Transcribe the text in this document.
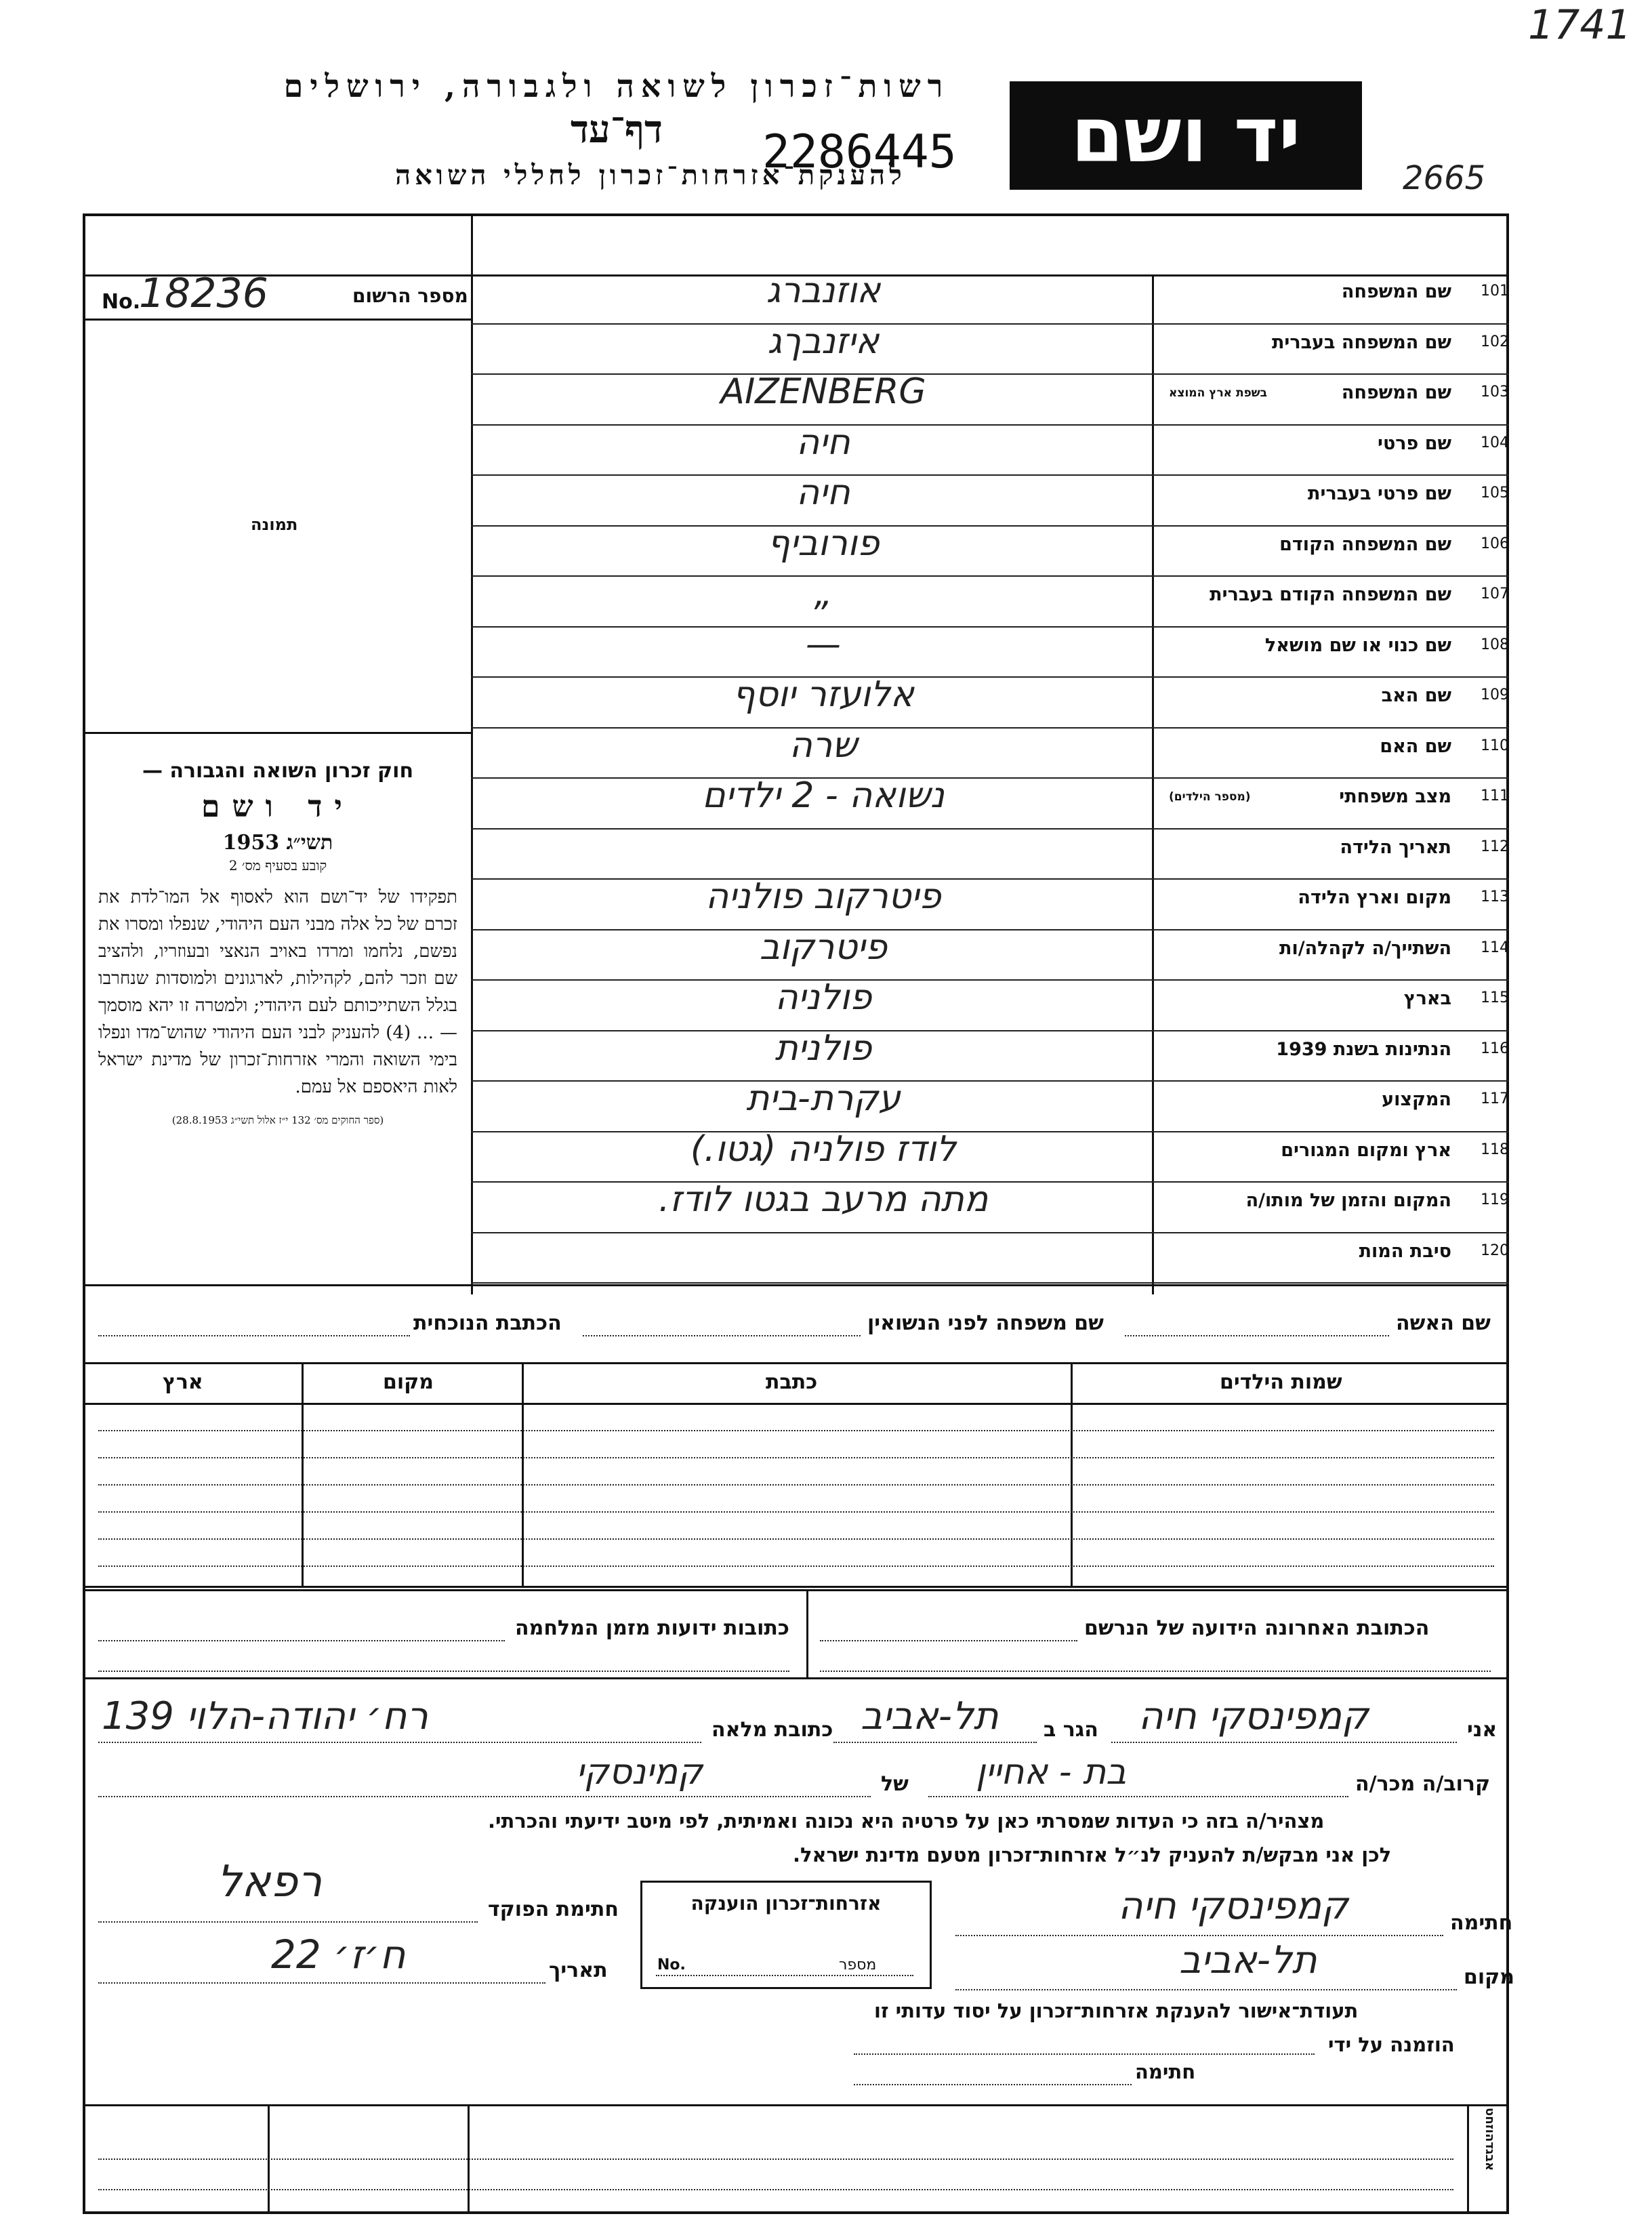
1741
2665
רשות־זכרון לשואה ולגבורה, ירושלים
דף־עד
להענקת־אזרחות־זכרון לחללי השואה
2286445	יד ושם
מספר הרשום
No.
18236
תמונה
חוק זכרון השואה והגבורה —
יד ושם
תשי״ג 1953
קובע בסעיף מס׳ 2
תפקידו של יד־ושם הוא לאסוף אל המו־לדת את זכרם של כל אלה מבני העם היהודי, שנפלו ומסרו את נפשם, נלחמו ומרדו באויב הנאצי ובעוזריו, ולהציב שם וזכר להם, לקהילות, לארגונים ולמוסדות שנחרבו בגלל השתייכותם לעם היהודי; ולמטרה זו יהא מוסמך — ... (4) להעניק לבני העם היהודי שהוש־מדו ונפלו בימי השואה והמרי אזרחות־זכרון של מדינת ישראל לאות היאספם אל עמם.
(ספר החוקים מס׳ 132 י״ז אלול תשי״ג 28.8.1953)
101
שם המשפחה
אוזנברג
102
שם המשפחה בעברית
איזנבךג
103
שם המשפחה
בשפת ארץ המוצא
AIZENBERG
104
שם פרטי
חיה
105
שם פרטי בעברית
חיה
106
שם המשפחה הקודם
פורוביף
107
שם המשפחה הקודם בעברית
„
108
שם כנוי או שם מושאל
—
109
שם האב
אלועזר יוסף
110
שם האם
שרה
111
מצב משפחתי
(מספר הילדים)
נשואה - 2 ילדים
112
תאריך הלידה
113
מקום וארץ הלידה
פיטרקוב פולניה
114
השתייך/ה לקהלה/ות
פיטרקוב
115
בארץ
פולניה
116
הנתינות בשנת 1939
פולנית
117
המקצוע
עקרת-בית
118
ארץ ומקום המגורים
לודז פולניה (גטו.)
119
המקום והזמן של מותו/ה
מתה מרעב בגטו לודז.
120
סיבת המות
שם האשה
שם משפחה לפני הנשואין
הכתבת הנוכחית
שמות הילדים
כתבת
מקום
ארץ
הכתובת האחרונה הידועה של הנרשם
כתובות ידועות מזמן המלחמה
אני
קמפינסקי חיה
הגר ב
תל-אביב
כתובת מלאה
רח׳ יהודה-הלוי 139
קרוב/ה מכר/ה
בת - אחיין
של
קמינסקי
מצהיר/ה בזה כי העדות שמסרתי כאן על פרטיה היא נכונה ואמיתית, לפי מיטב ידיעתי והכרתי.
לכן אני מבקש/ת להעניק לנ״ל אזרחות־זכרון מטעם מדינת ישראל.
חתימה
קמפינסקי חיה
מקום
תל-אביב
אזרחות־זכרון הוענקה
No.	מספר
חתימת הפוקד
רפאל
תאריך
ח׳ז׳ 22
תעודת־אישור להענקת אזרחות־זכרון על יסוד עדותי זו
הוזמנה על ידי
חתימה
אבגדהוזחט
